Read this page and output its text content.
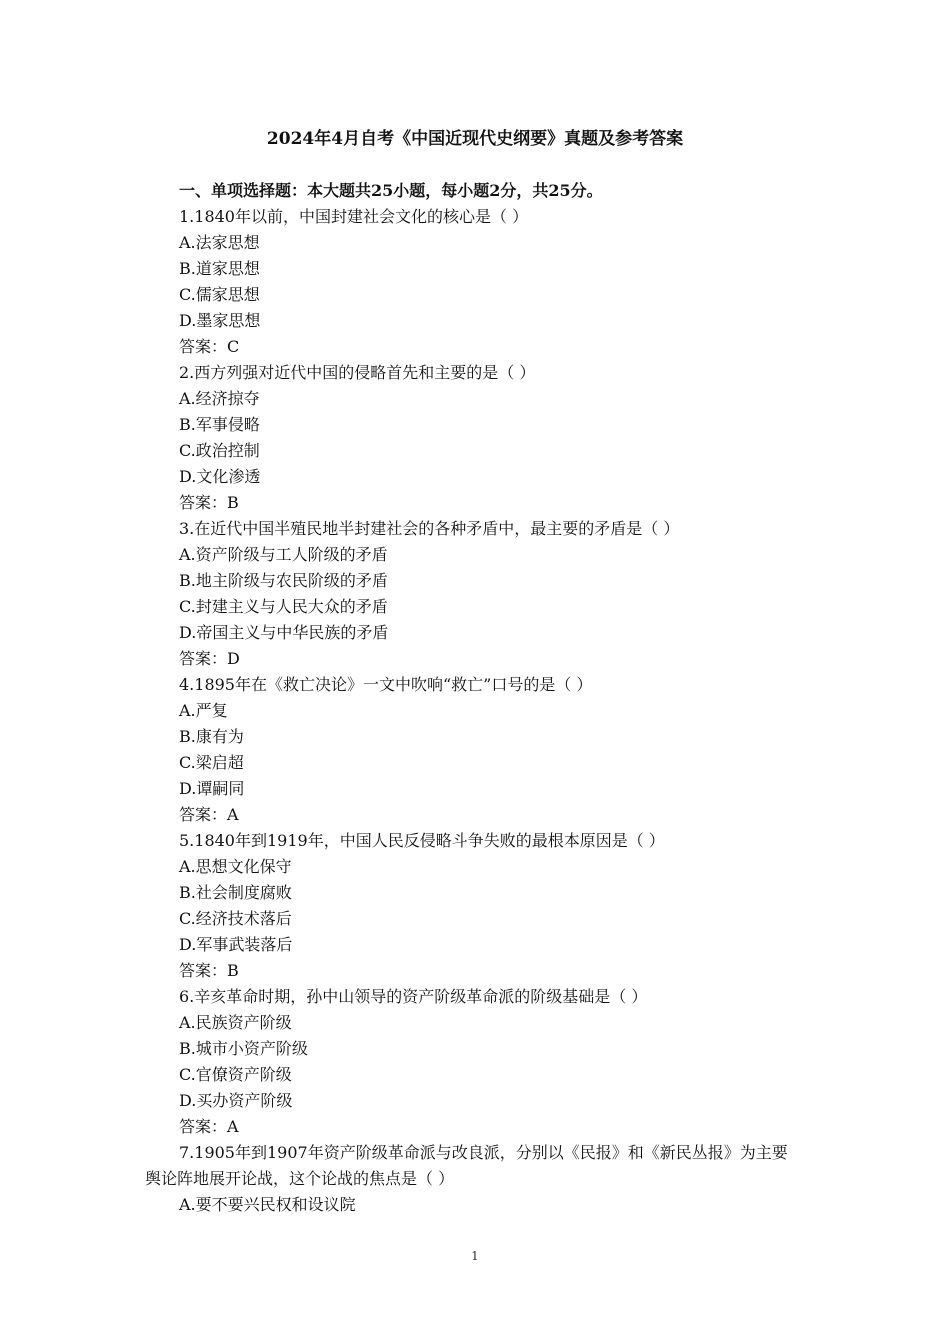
2024年4月自考《中国近现代史纲要》真题及参考答案
一、单项选择题：本大题共25小题，每小题2分，共25分。
1.1840年以前，中国封建社会文化的核心是（ ）
A.法家思想
B.道家思想
C.儒家思想
D.墨家思想
答案：C
2.西方列强对近代中国的侵略首先和主要的是（ ）
A.经济掠夺
B.军事侵略
C.政治控制
D.文化渗透
答案：B
3.在近代中国半殖民地半封建社会的各种矛盾中，最主要的矛盾是（ ）
A.资产阶级与工人阶级的矛盾
B.地主阶级与农民阶级的矛盾
C.封建主义与人民大众的矛盾
D.帝国主义与中华民族的矛盾
答案：D
4.1895年在《救亡决论》一文中吹响“救亡”口号的是（ ）
A.严复
B.康有为
C.梁启超
D.谭嗣同
答案：A
5.1840年到1919年，中国人民反侵略斗争失败的最根本原因是（ ）
A.思想文化保守
B.社会制度腐败
C.经济技术落后
D.军事武装落后
答案：B
6.辛亥革命时期，孙中山领导的资产阶级革命派的阶级基础是（ ）
A.民族资产阶级
B.城市小资产阶级
C.官僚资产阶级
D.买办资产阶级
答案：A
7.1905年到1907年资产阶级革命派与改良派，分别以《民报》和《新民丛报》为主要
舆论阵地展开论战，这个论战的焦点是（ ）
A.要不要兴民权和设议院
1
